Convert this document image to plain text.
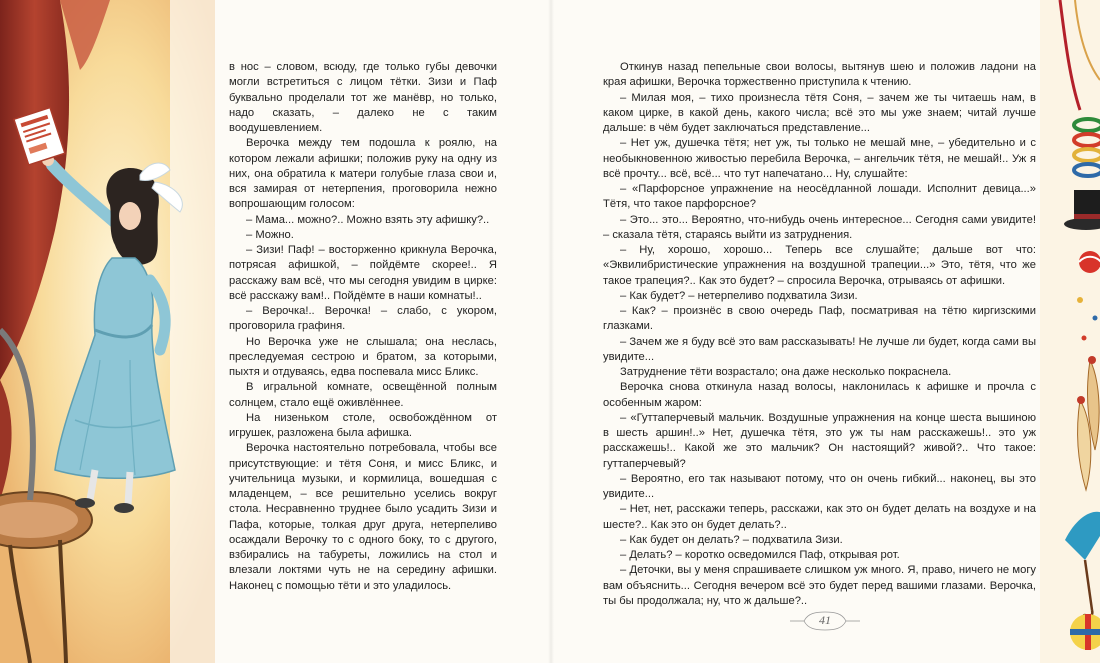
в нос – словом, всюду, где только губы девочки могли встретиться с лицом тётки. Зизи и Паф буквально проделали тот же манёвр, но только, надо сказать, – далеко не с таким воодушевлением.

Верочка между тем подошла к роялю, на котором лежали афишки; положив руку на одну из них, она обратила к матери голубые глаза свои и, вся замирая от нетерпения, проговорила нежно вопрошающим голосом:

– Мама... можно?.. Можно взять эту афишку?..

– Можно.

– Зизи! Паф! – восторженно крикнула Верочка, потрясая афишкой, – пойдёмте скорее!.. Я расскажу вам всё, что мы сегодня увидим в цирке: всё расскажу вам!.. Пойдёмте в наши комнаты!..

– Верочка!.. Верочка! – слабо, с укором, проговорила графиня.

Но Верочка уже не слышала; она неслась, преследуемая сестрою и братом, за которыми, пыхтя и отдуваясь, едва поспевала мисс Бликс.

В игральной комнате, освещённой полным солнцем, стало ещё оживлённее.

На низеньком столе, освобождённом от игрушек, разложена была афишка.

Верочка настоятельно потребовала, чтобы все присутствующие: и тётя Соня, и мисс Бликс, и учительница музыки, и кормилица, вошедшая с младенцем, – все решительно уселись вокруг стола. Несравненно труднее было усадить Зизи и Пафа, которые, толкая друг друга, нетерпеливо осаждали Верочку то с одного боку, то с другого, взбирались на табуреты, ложились на стол и влезали локтями чуть не на середину афишки. Наконец с помощью тёти и это уладилось.

Откинув назад пепельные свои волосы, вытянув шею и положив ладони на края афишки, Верочка торжественно приступила к чтению.

– Милая моя, – тихо произнесла тётя Соня, – зачем же ты читаешь нам, в каком цирке, в какой день, какого числа; всё это мы уже знаем; читай лучше дальше: в чём будет заключаться представление...

– Нет уж, душечка тётя; нет уж, ты только не мешай мне, – убедительно и с необыкновенною живостью перебила Верочка, – ангельчик тётя, не мешай!.. Уж я всё прочту... всё, всё... что тут напечатано... Ну, слушайте:

– «Парфорсное упражнение на неосёдланной лошади. Исполнит девица...» Тётя, что такое парфорсное?

– Это... это... Вероятно, что-нибудь очень интересное... Сегодня сами увидите! – сказала тётя, стараясь выйти из затруднения.

– Ну, хорошо, хорошо... Теперь все слушайте; дальше вот что: «Эквилибристические упражнения на воздушной трапеции...» Это, тётя, что же такое трапеция?.. Как это будет? – спросила Верочка, отрываясь от афишки.

– Как будет? – нетерпеливо подхватила Зизи.

– Как? – произнёс в свою очередь Паф, посматривая на тётю киргизскими глазками.

– Зачем же я буду всё это вам рассказывать! Не лучше ли будет, когда сами вы увидите...

Затруднение тёти возрастало; она даже несколько покраснела.

Верочка снова откинула назад волосы, наклонилась к афишке и прочла с особенным жаром:

– «Гуттаперчевый мальчик. Воздушные упражнения на конце шеста вышиною в шесть аршин!..» Нет, душечка тётя, это уж ты нам расскажешь!.. это уж расскажешь!.. Какой же это мальчик? Он настоящий? живой?.. Что такое: гуттаперчевый?

– Вероятно, его так называют потому, что он очень гибкий... наконец, вы это увидите...

– Нет, нет, расскажи теперь, расскажи, как это он будет делать на воздухе и на шесте?.. Как это он будет делать?..

– Как будет он делать? – подхватила Зизи.

– Делать? – коротко осведомился Паф, открывая рот.

– Деточки, вы у меня спрашиваете слишком уж много. Я, право, ничего не могу вам объяснить... Сегодня вечером всё это будет перед вашими глазами. Верочка, ты бы продолжала; ну, что ж дальше?..

41
